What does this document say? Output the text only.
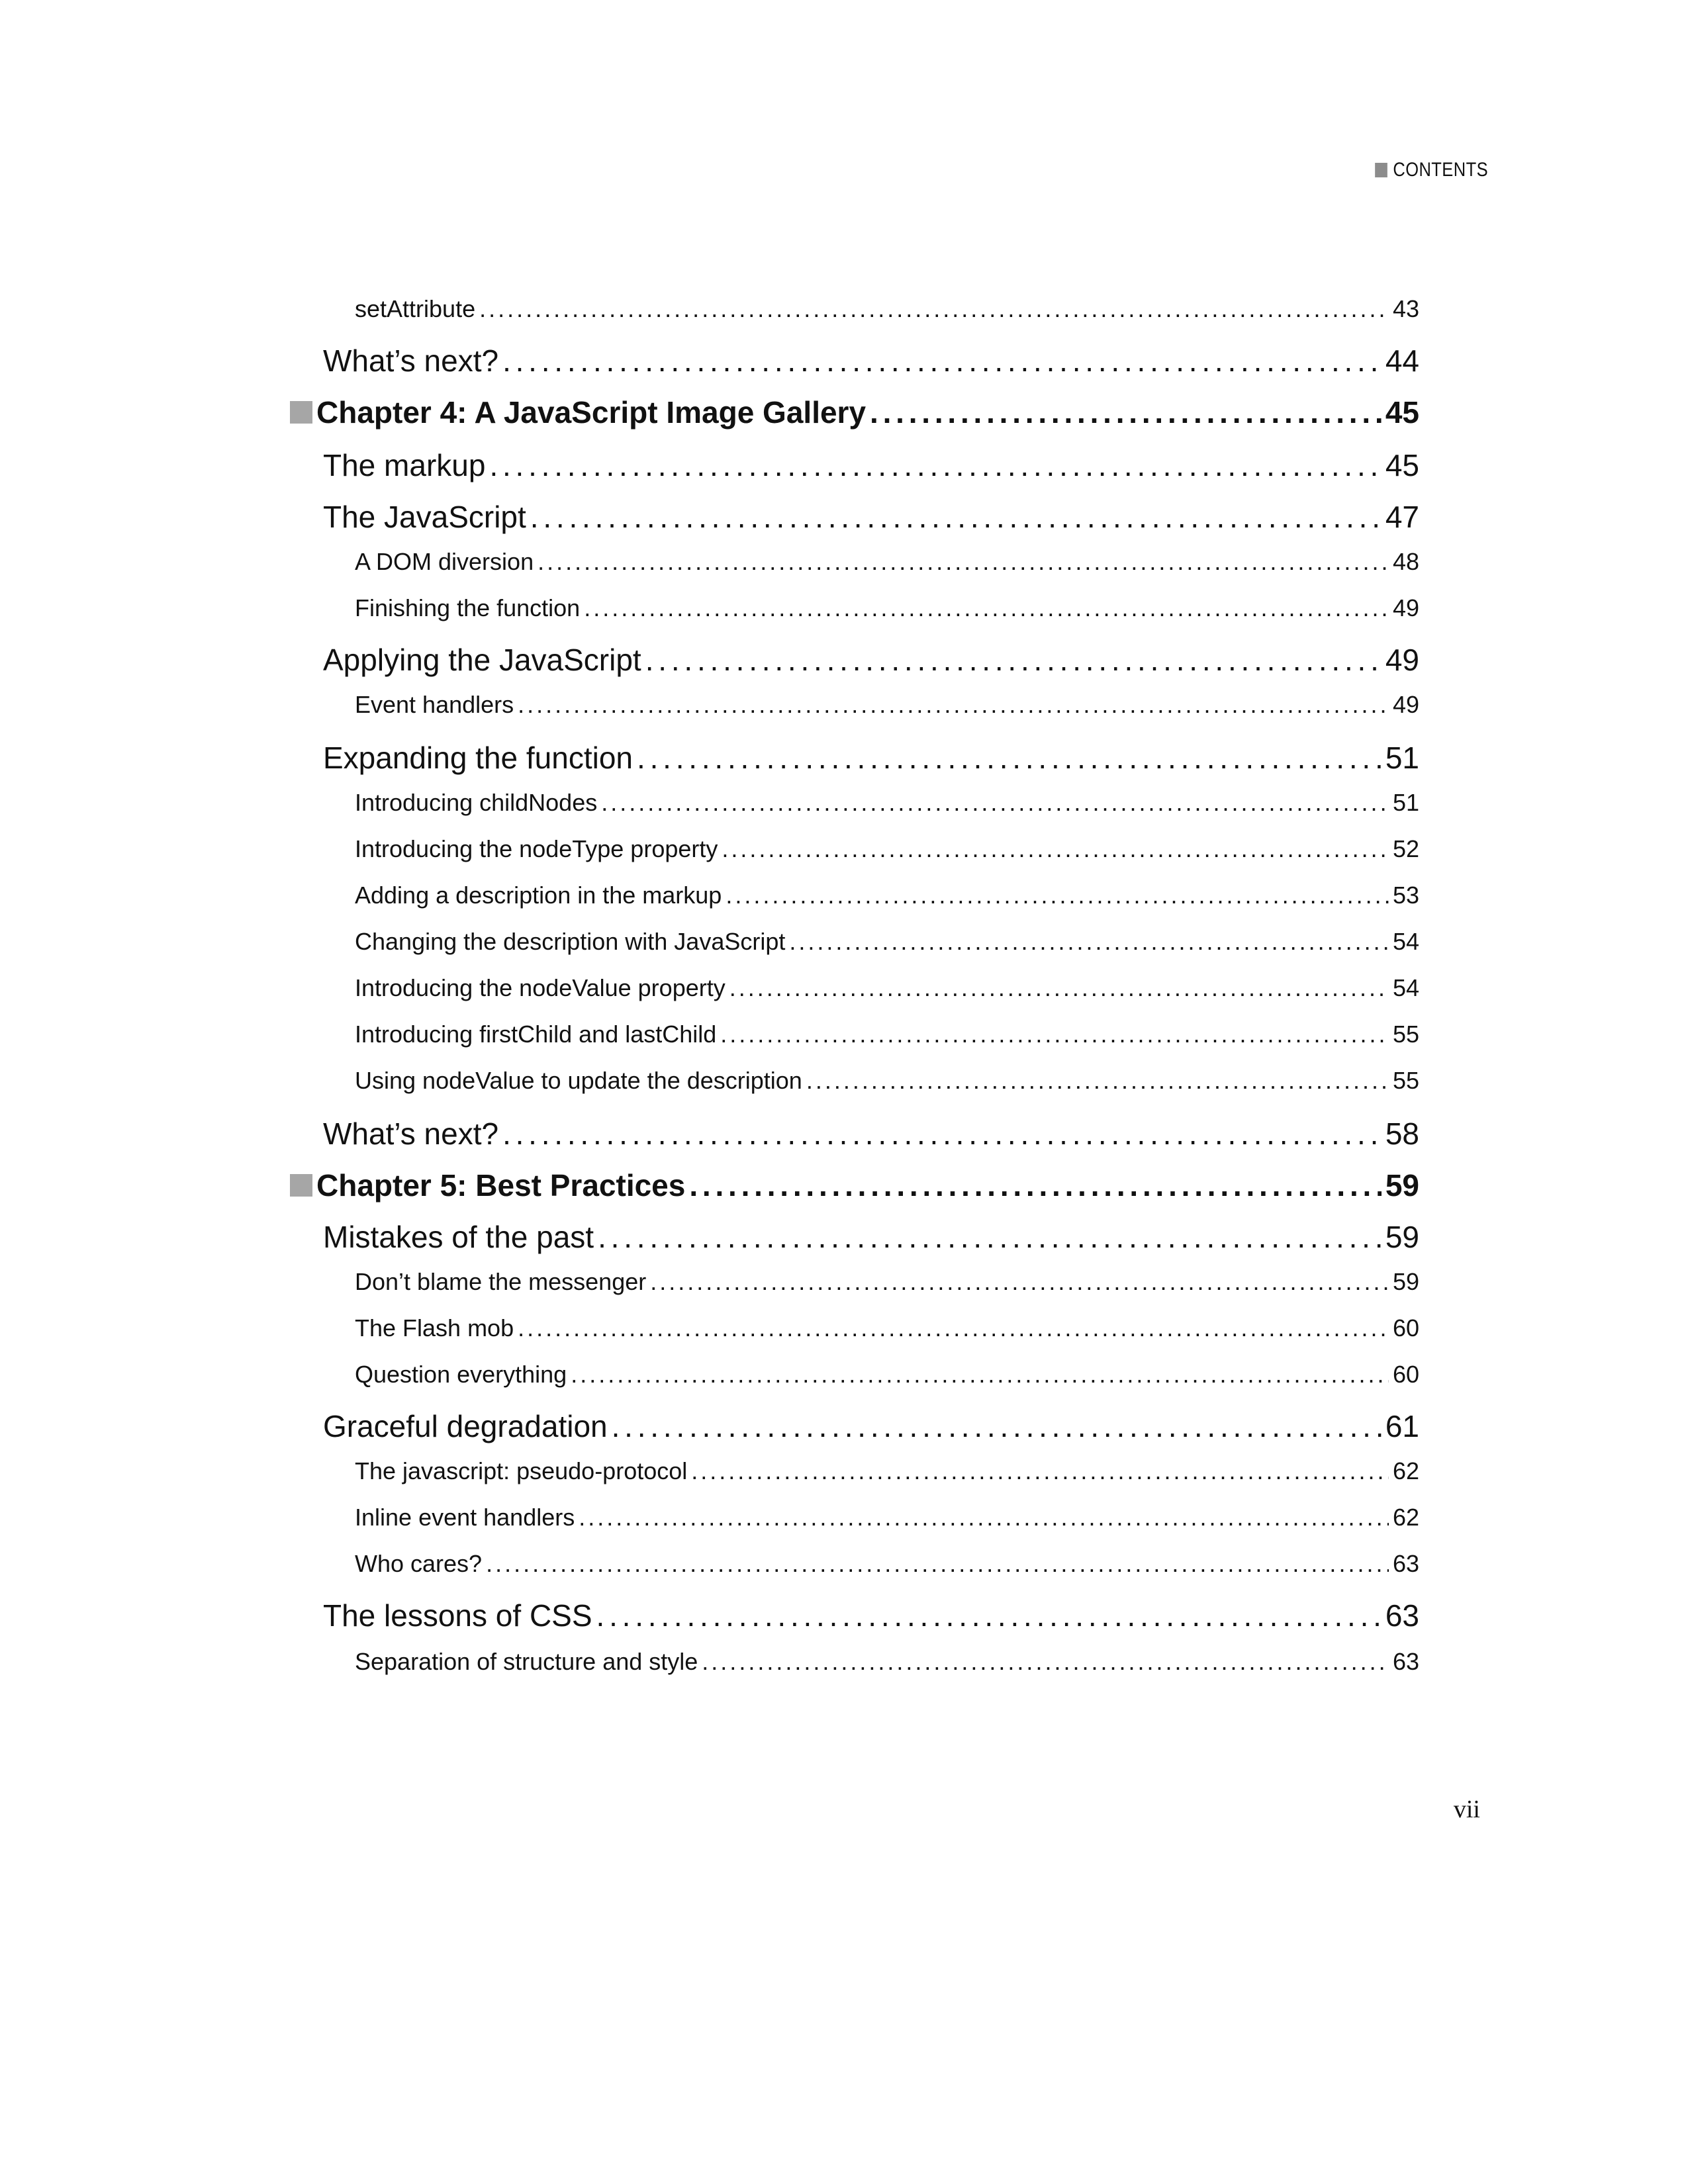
CONTENTS
setAttribute . . .	43
What’s next? . . .	44
Chapter 4: A JavaScript Image Gallery . . .	45
The markup . . .	45
The JavaScript . . .	47
A DOM diversion . . .	48
Finishing the function . . .	49
Applying the JavaScript . . .	49
Event handlers . . .	49
Expanding the function . . .	51
Introducing childNodes . . .	51
Introducing the nodeType property . . .	52
Adding a description in the markup . . .	53
Changing the description with JavaScript . . .	54
Introducing the nodeValue property . . .	54
Introducing firstChild and lastChild . . .	55
Using nodeValue to update the description . . .	55
What’s next? . . .	58
Chapter 5: Best Practices . . .	59
Mistakes of the past . . .	59
Don’t blame the messenger . . .	59
The Flash mob . . .	60
Question everything . . .	60
Graceful degradation . . .	61
The javascript: pseudo-protocol . . .	62
Inline event handlers . . .	62
Who cares? . . .	63
The lessons of CSS . . .	63
Separation of structure and style . . .	63
vii
